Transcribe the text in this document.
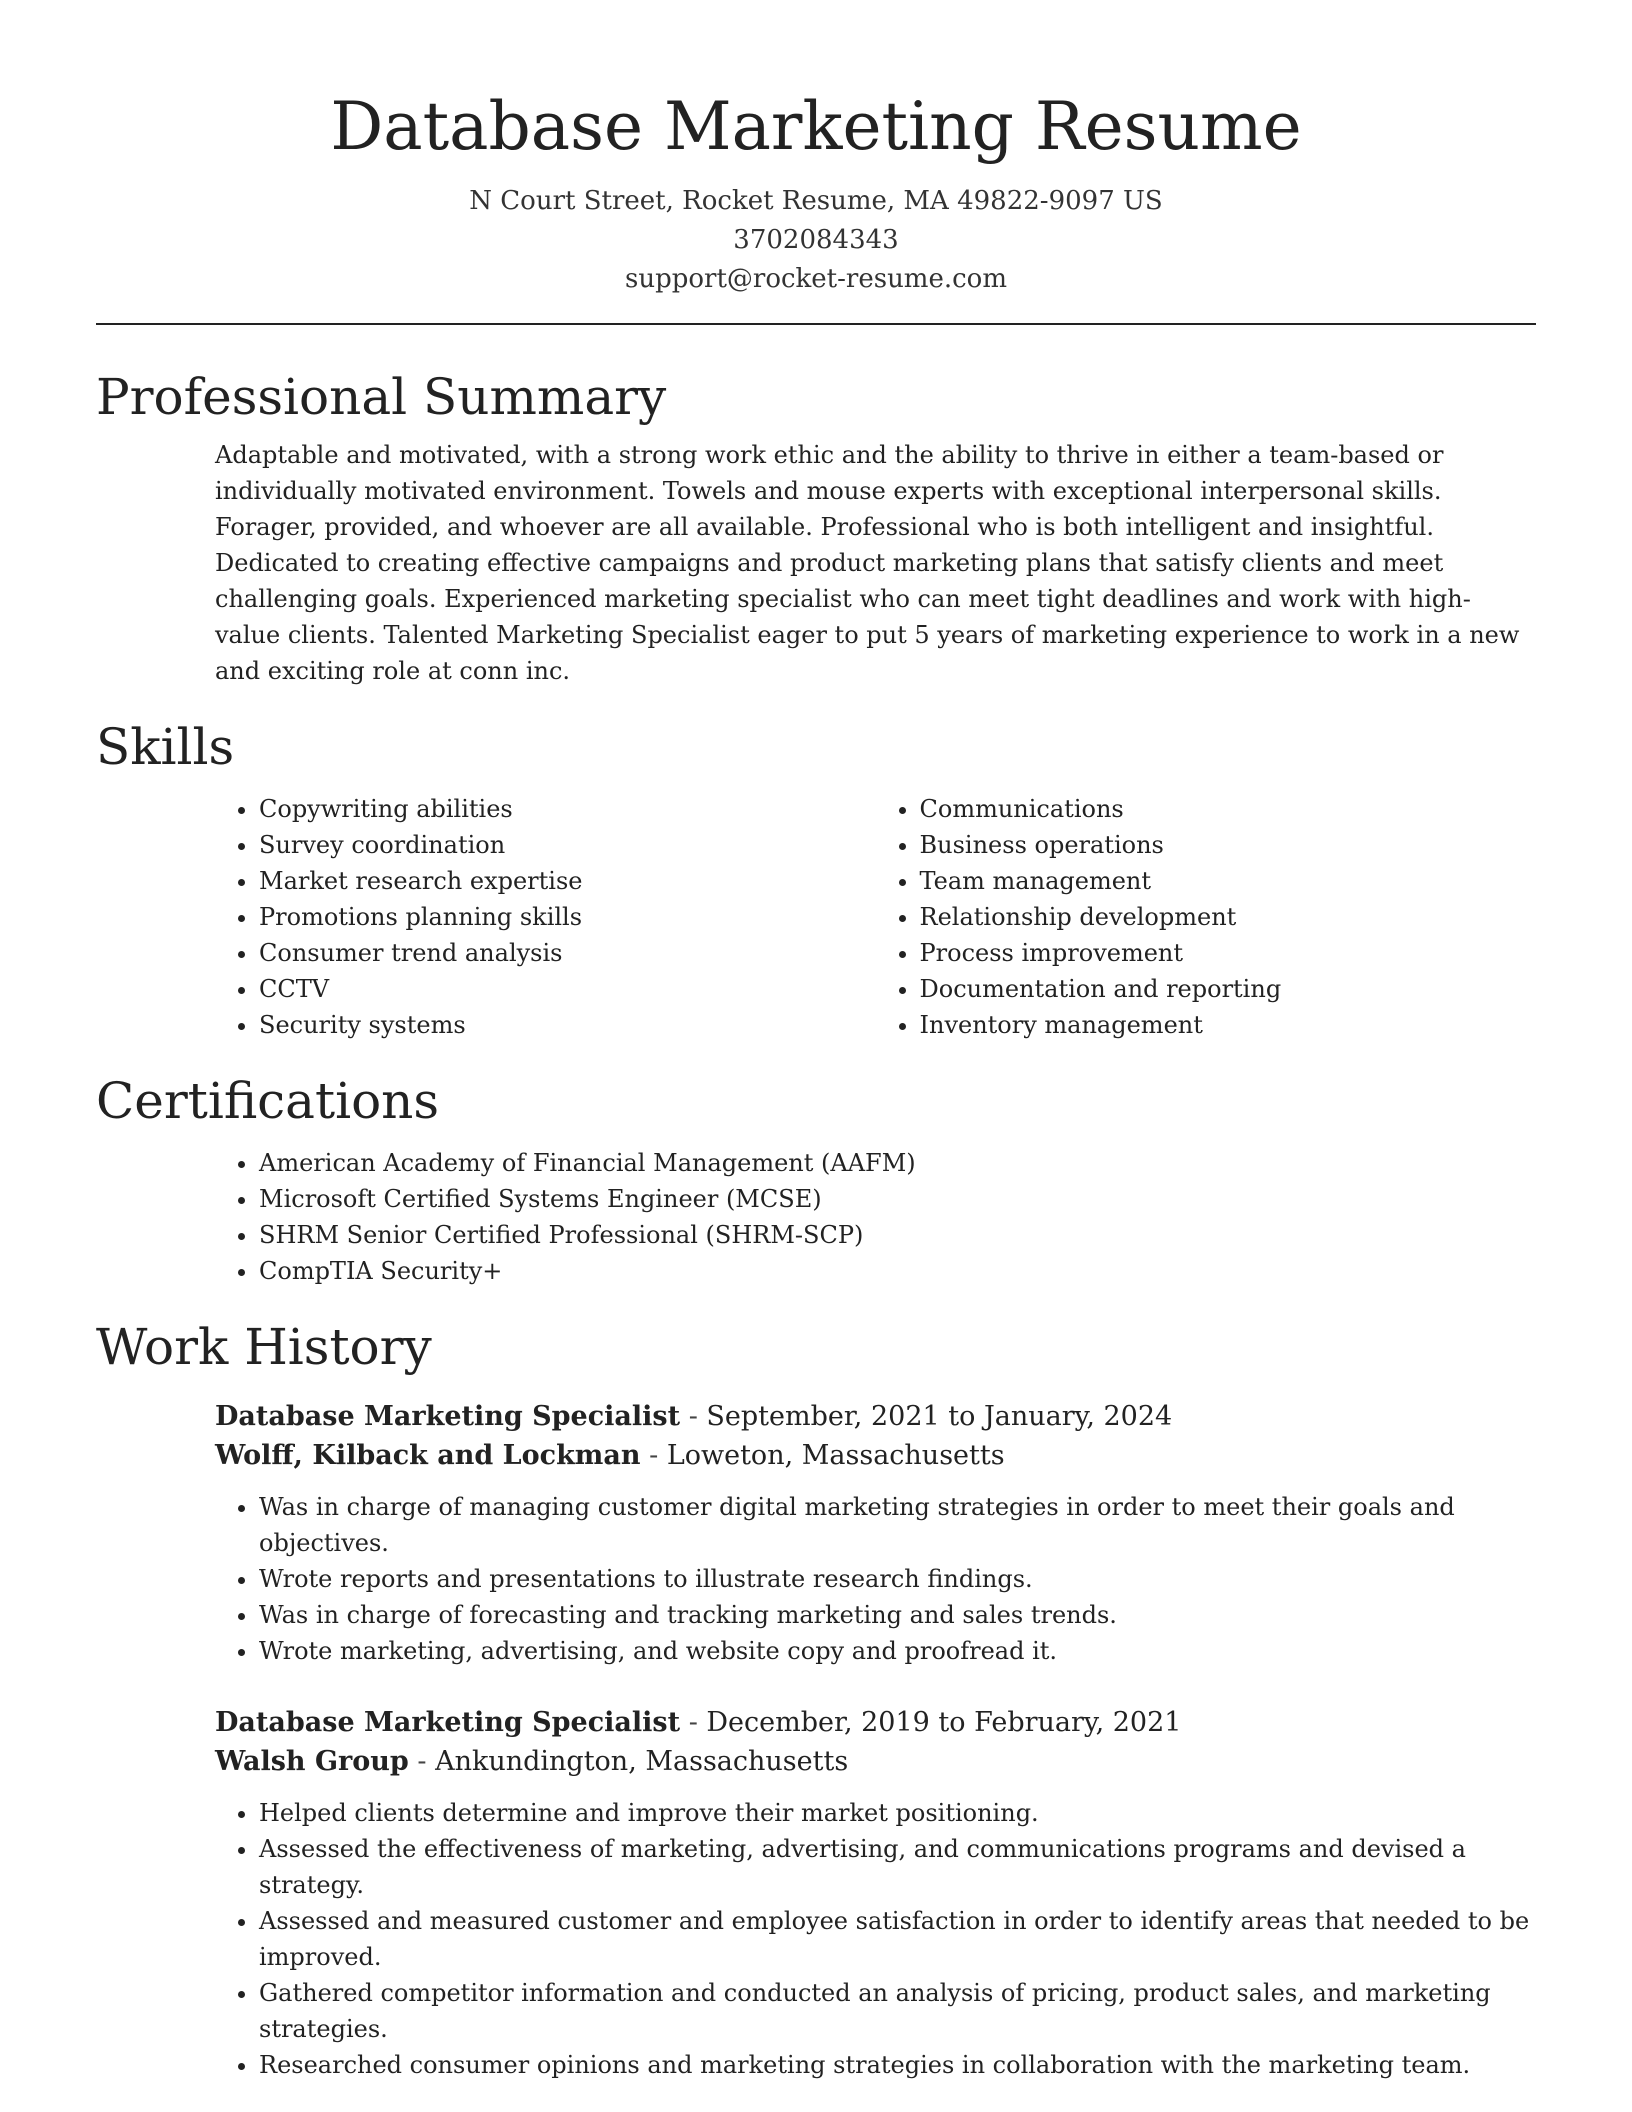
Database Marketing Resume
N Court Street, Rocket Resume, MA 49822-9097 US
3702084343
support@rocket-resume.com
Professional Summary

Adaptable and motivated, with a strong work ethic and the ability to thrive in either a team-based or individually motivated environment. Towels and mouse experts with exceptional interpersonal skills. Forager, provided, and whoever are all available. Professional who is both intelligent and insightful. Dedicated to creating effective campaigns and product marketing plans that satisfy clients and meet challenging goals. Experienced marketing specialist who can meet tight deadlines and work with high-value clients. Talented Marketing Specialist eager to put 5 years of marketing experience to work in a new and exciting role at conn inc.

Skills
• Copywriting abilities
• Survey coordination
• Market research expertise
• Promotions planning skills
• Consumer trend analysis
• CCTV
• Security systems
• Communications
• Business operations
• Team management
• Relationship development
• Process improvement
• Documentation and reporting
• Inventory management
Certifications
• American Academy of Financial Management (AAFM)
• Microsoft Certified Systems Engineer (MCSE)
• SHRM Senior Certified Professional (SHRM-SCP)
• CompTIA Security+
Work History
Database Marketing Specialist - September, 2021 to January, 2024
Wolff, Kilback and Lockman - Loweton, Massachusetts
• Was in charge of managing customer digital marketing strategies in order to meet their goals and objectives.
• Wrote reports and presentations to illustrate research findings.
• Was in charge of forecasting and tracking marketing and sales trends.
• Wrote marketing, advertising, and website copy and proofread it.
Database Marketing Specialist - December, 2019 to February, 2021
Walsh Group - Ankundington, Massachusetts
• Helped clients determine and improve their market positioning.
• Assessed the effectiveness of marketing, advertising, and communications programs and devised a strategy.
• Assessed and measured customer and employee satisfaction in order to identify areas that needed to be improved.
• Gathered competitor information and conducted an analysis of pricing, product sales, and marketing strategies.
• Researched consumer opinions and marketing strategies in collaboration with the marketing team.
